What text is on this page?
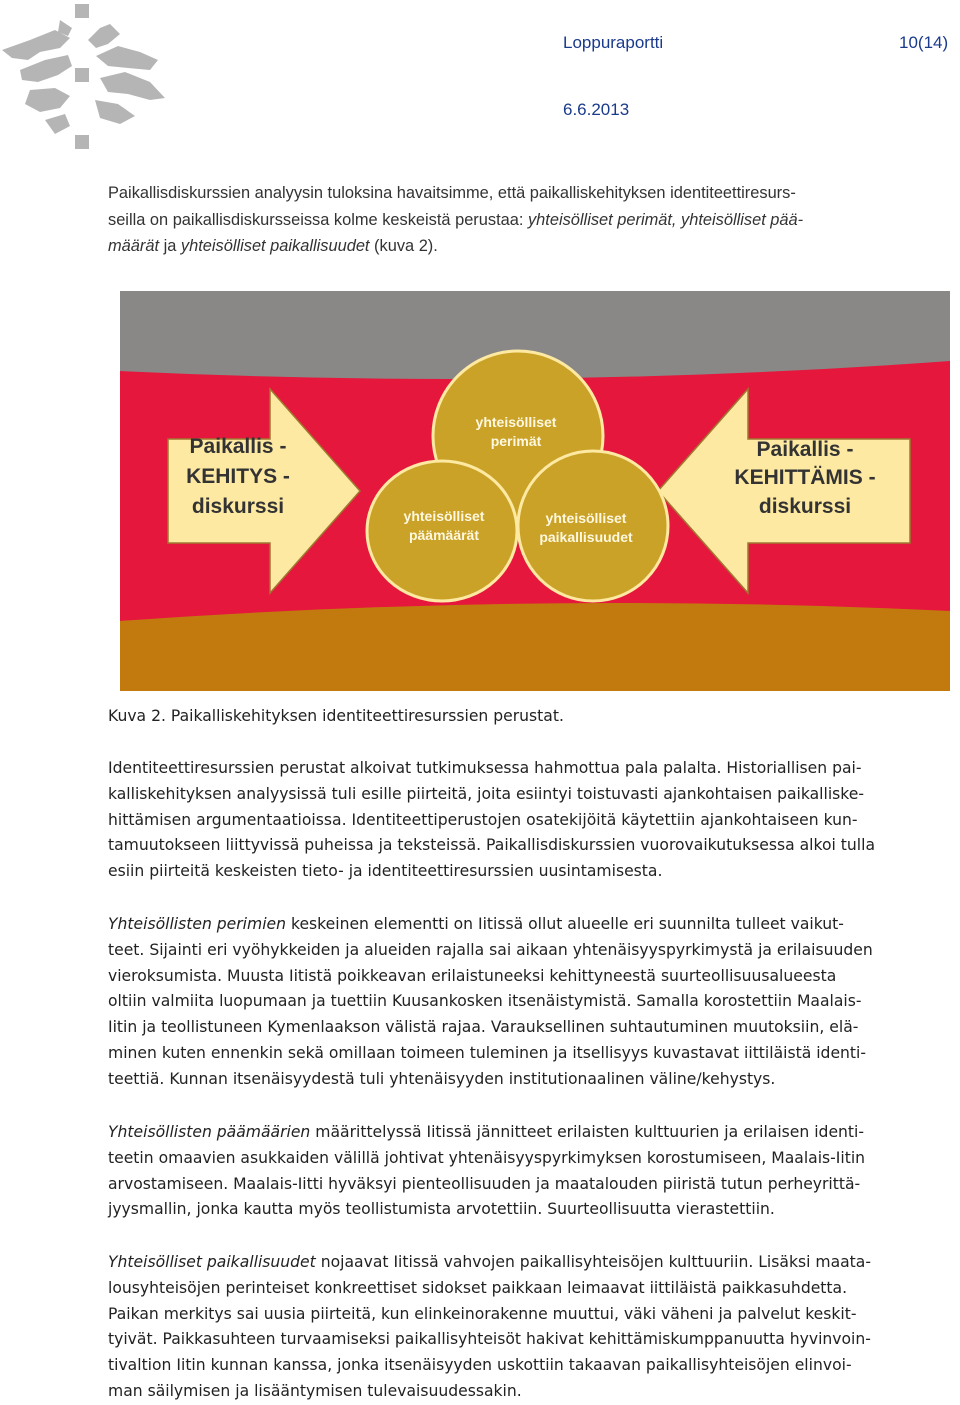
Loppuraportti	10(14)
6.6.2013
Paikallisdiskurssien analyysin tuloksina havaitsimme, että paikalliskehityksen identiteettiresurs-
seilla on paikallisdiskursseissa kolme keskeistä perustaa: yhteisölliset perimät, yhteisölliset pää-
määrät ja yhteisölliset paikallisuudet (kuva 2).
Paikallis -
KEHITYS -
diskurssi
Paikallis -
KEHITTÄMIS -
diskurssi
yhteisölliset
perimät
yhteisölliset
päämäärät
yhteisölliset
paikallisuudet
Kuva 2. Paikalliskehityksen identiteettiresurssien perustat.
Identiteettiresurssien perustat alkoivat tutkimuksessa hahmottua pala palalta. Historiallisen pai-
kalliskehityksen analyysissä tuli esille piirteitä, joita esiintyi toistuvasti ajankohtaisen paikalliske-
hittämisen argumentaatioissa. Identiteettiperustojen osatekijöitä käytettiin ajankohtaiseen kun-
tamuutokseen liittyvissä puheissa ja teksteissä. Paikallisdiskurssien vuorovaikutuksessa alkoi tulla
esiin piirteitä keskeisten tieto- ja identiteettiresurssien uusintamisesta.
Yhteisöllisten perimien keskeinen elementti on Iitissä ollut alueelle eri suunnilta tulleet vaikut-
teet. Sijainti eri vyöhykkeiden ja alueiden rajalla sai aikaan yhtenäisyyspyrkimystä ja erilaisuuden
vieroksumista. Muusta Iitistä poikkeavan erilaistuneeksi kehittyneestä suurteollisuusalueesta
oltiin valmiita luopumaan ja tuettiin Kuusankosken itsenäistymistä. Samalla korostettiin Maalais-
Iitin ja teollistuneen Kymenlaakson välistä rajaa. Varauksellinen suhtautuminen muutoksiin, elä-
minen kuten ennenkin sekä omillaan toimeen tuleminen ja itsellisyys kuvastavat iittiläistä identi-
teettiä. Kunnan itsenäisyydestä tuli yhtenäisyyden institutionaalinen väline/kehystys.
Yhteisöllisten päämäärien määrittelyssä Iitissä jännitteet erilaisten kulttuurien ja erilaisen identi-
teetin omaavien asukkaiden välillä johtivat yhtenäisyyspyrkimyksen korostumiseen, Maalais-Iitin
arvostamiseen. Maalais-Iitti hyväksyi pienteollisuuden ja maatalouden piiristä tutun perheyrittä-
jyysmallin, jonka kautta myös teollistumista arvotettiin. Suurteollisuutta vierastettiin.
Yhteisölliset paikallisuudet nojaavat Iitissä vahvojen paikallisyhteisöjen kulttuuriin. Lisäksi maata-
lousyhteisöjen perinteiset konkreettiset sidokset paikkaan leimaavat iittiläistä paikkasuhdetta.
Paikan merkitys sai uusia piirteitä, kun elinkeinorakenne muuttui, väki väheni ja palvelut keskit-
tyivät. Paikkasuhteen turvaamiseksi paikallisyhteisöt hakivat kehittämiskumppanuutta hyvinvoin-
tivaltion Iitin kunnan kanssa, jonka itsenäisyyden uskottiin takaavan paikallisyhteisöjen elinvoi-
man säilymisen ja lisääntymisen tulevaisuudessakin.
